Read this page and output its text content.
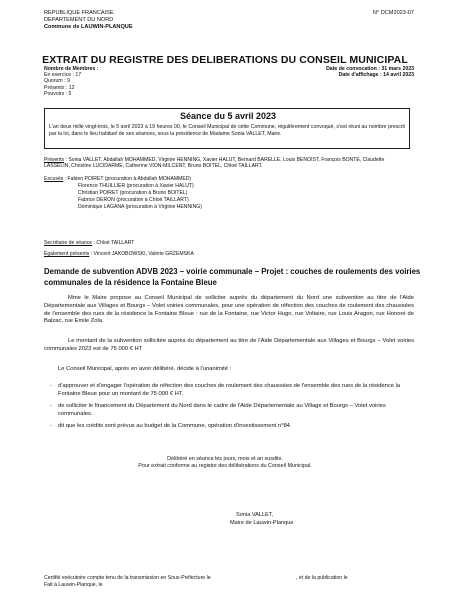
REPUBLIQUE FRANCAISE
DEPARTEMENT DU NORD
Commune de LAUWIN-PLANQUE
N° DCM2023-07
EXTRAIT DU REGISTRE DES DELIBERATIONS DU CONSEIL MUNICIPAL
Nombre de Membres :
En exercice : 17
Quorum : 9
Présents : 12
Pouvoirs : 5
Date de convocation : 31 mars 2023
Date d'affichage : 14 avril 2023
Séance du 5 avril 2023
L'an deux mille vingt-trois, le 5 avril 2023 à 19 heures 00, le Conseil Municipal de cette Commune, régulièrement convoqué, s'est réuni au nombre prescrit par la loi, dans le lieu habituel de ses séances, sous la présidence de Madame Sonia VALLET, Maire.
Présents : Sonia VALLET, Abdallah MOHAMMED, Virginie HENNING, Xavier HALUT, Bernard BARELLE, Louis BENOIST, François BONTE, Claudette LASSELIN, Christine LUCIDARME, Catherine VION-MILCENT, Bruno BOITEL, Chloé TAILLART.
Excusés : Fabien POIRET (procuration à Abdallah MOHAMMED)
Florence THUILLIER (procuration à Xavier HALUT)
Christian POIRET (procuration à Bruno BOITEL)
Fabrice DERON (procuration à Chloé TAILLART)
Dominique LAGANA (procuration à Virginie HENNING)
Secrétaire de séance : Chloé TAILLART
Également présents : Vincent JAKOBOWSKI, Valérie GRZEMSKA
Demande de subvention ADVB 2023 – voirie communale – Projet : couches de roulements des voiries communales de la résidence la Fontaine Bleue
Mme le Maire propose au Conseil Municipal de solliciter auprès du département du Nord une subvention au titre de l'Aide Départementale aux Villages et Bourgs – Volet voiries communales, pour une opération de réfection des couches de roulement des chaussées de l'ensemble des rues de la résidence la Fontaine Bleue : rue de la Fontaine, rue Victor Hugo, rue Voltaire, rue Louis Aragon, rue Honoré de Balzac, rue Emile Zola.
Le montant de la subvention sollicitée auprès du département au titre de l'Aide Départementale aux Villages et Bourgs – Volet voiries communales 2023 est de 75 000 € HT
Le Conseil Municipal, après en avoir délibéré, décide à l'unanimité :
- d'approuver et d'engager l'opération de réfection des couches de roulement des chaussées de l'ensemble des rues de la résidence la Fontaine Bleue pour un montant de 75 000 € HT.
- de solliciter le financement du Département du Nord dans le cadre de l'Aide Départementale au Village et Bourgs – Volet voiries communales.
- dit que les crédits sont prévus au budget de la Commune, opération d'investissement n°84.
Délibéré en séance les jours, mois et an susdits.
Pour extrait conforme au registre des délibérations du Conseil Municipal.
Sonia VALLET,
Maire de Lauwin-Planque
Certifié exécutoire compte tenu de la transmission en Sous-Préfecture le	, et de la publication le
Fait à Lauwin-Planque, le
